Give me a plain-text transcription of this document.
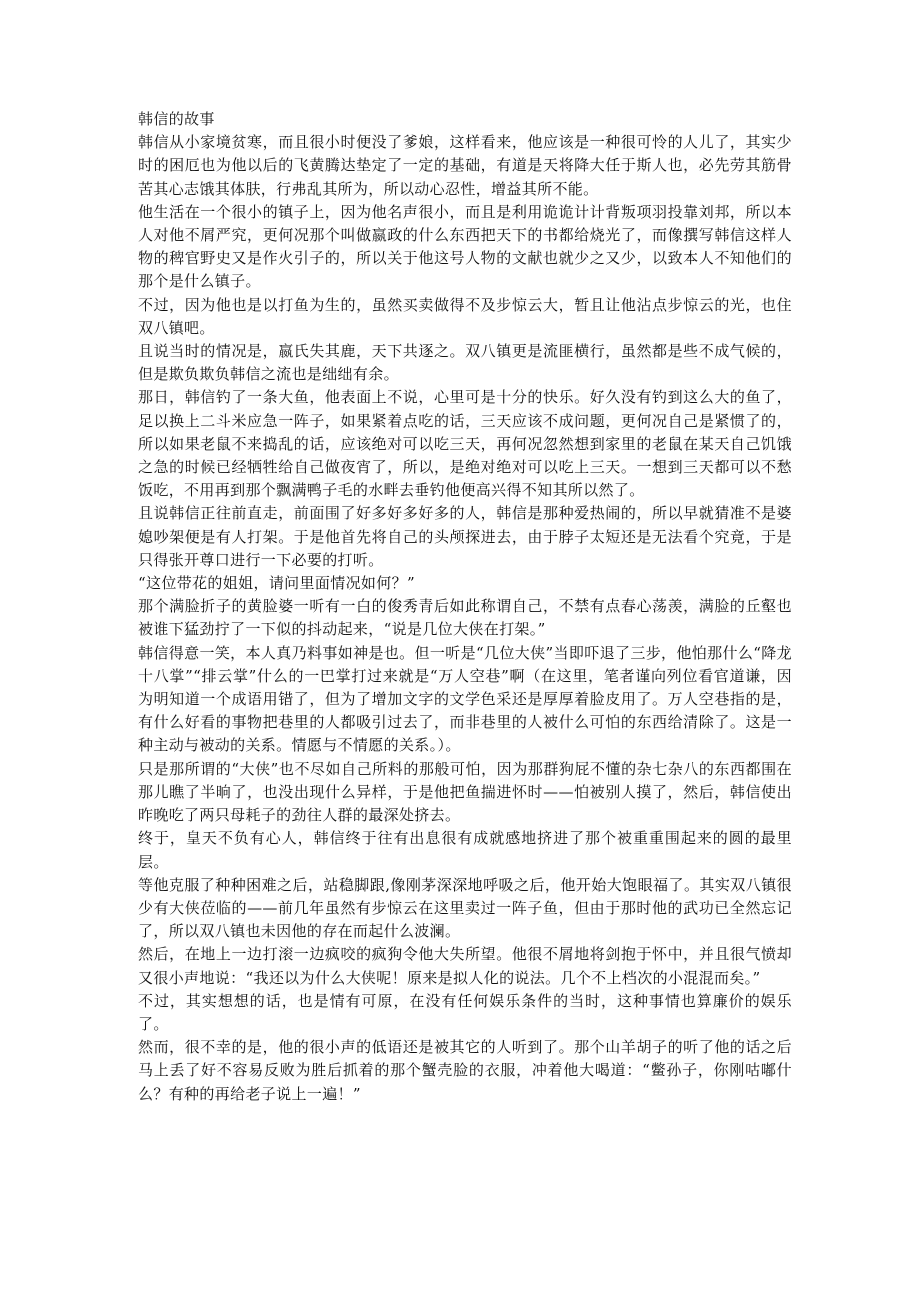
韩信的故事

韩信从小家境贫寒，而且很小时便没了爹娘，这样看来，他应该是一种很可怜的人儿了，其实少时的困厄也为他以后的飞黄腾达垫定了一定的基础，有道是天将降大任于斯人也，必先劳其筋骨苦其心志饿其体肤，行弗乱其所为，所以动心忍性，增益其所不能。

他生活在一个很小的镇子上，因为他名声很小，而且是利用诡诡计计背叛项羽投靠刘邦，所以本人对他不屑严究，更何况那个叫做嬴政的什么东西把天下的书都给烧光了，而像撰写韩信这样人物的稗官野史又是作火引子的，所以关于他这号人物的文献也就少之又少，以致本人不知他们的那个是什么镇子。

不过，因为他也是以打鱼为生的，虽然买卖做得不及步惊云大，暂且让他沾点步惊云的光，也住双八镇吧。

且说当时的情况是，嬴氏失其鹿，天下共逐之。双八镇更是流匪横行，虽然都是些不成气候的，但是欺负欺负韩信之流也是绌绌有余。

那日，韩信钓了一条大鱼，他表面上不说，心里可是十分的快乐。好久没有钓到这么大的鱼了，足以换上二斗米应急一阵子，如果紧着点吃的话，三天应该不成问题，更何况自己是紧惯了的，所以如果老鼠不来捣乱的话，应该绝对可以吃三天，再何况忽然想到家里的老鼠在某天自己饥饿之急的时候已经牺牲给自己做夜宵了，所以，是绝对绝对可以吃上三天。一想到三天都可以不愁饭吃，不用再到那个飘满鸭子毛的水畔去垂钓他便高兴得不知其所以然了。

且说韩信正往前直走，前面围了好多好多好多的人，韩信是那种爱热闹的，所以早就猜准不是婆媳吵架便是有人打架。于是他首先将自己的头颅探进去，由于脖子太短还是无法看个究竟，于是只得张开尊口进行一下必要的打听。

“这位带花的姐姐，请问里面情况如何？”

那个满脸折子的黄脸婆一听有一白的俊秀青后如此称谓自己，不禁有点春心荡羡，满脸的丘壑也被谁下猛劲拧了一下似的抖动起来，“说是几位大侠在打架。”

韩信得意一笑，本人真乃料事如神是也。但一听是“几位大侠”当即吓退了三步，他怕那什么“降龙十八掌”“排云掌”什么的一巴掌打过来就是“万人空巷”啊（在这里，笔者谨向列位看官道谦，因为明知道一个成语用错了，但为了增加文字的文学色采还是厚厚着脸皮用了。万人空巷指的是，有什么好看的事物把巷里的人都吸引过去了，而非巷里的人被什么可怕的东西给清除了。这是一种主动与被动的关系。情愿与不情愿的关系。）。

只是那所谓的“大侠”也不尽如自己所料的那般可怕，因为那群狗屁不懂的杂七杂八的东西都围在那儿瞧了半晌了，也没出现什么异样，于是他把鱼揣进怀时——怕被别人摸了，然后，韩信使出昨晚吃了两只母耗子的劲往人群的最深处挤去。

终于，皇天不负有心人，韩信终于往有出息很有成就感地挤进了那个被重重围起来的圆的最里层。

等他克服了种种困难之后，站稳脚跟,像刚茅深深地呼吸之后，他开始大饱眼福了。其实双八镇很少有大侠莅临的——前几年虽然有步惊云在这里卖过一阵子鱼，但由于那时他的武功已全然忘记了，所以双八镇也未因他的存在而起什么波澜。

然后，在地上一边打滚一边疯咬的疯狗令他大失所望。他很不屑地将剑抱于怀中，并且很气愤却又很小声地说：“我还以为什么大侠呢！原来是拟人化的说法。几个不上档次的小混混而矣。”

不过，其实想想的话，也是情有可原，在没有任何娱乐条件的当时，这种事情也算廉价的娱乐了。

然而，很不幸的是，他的很小声的低语还是被其它的人听到了。那个山羊胡子的听了他的话之后马上丢了好不容易反败为胜后抓着的那个蟹壳脸的衣服，冲着他大喝道：“鳖孙子，你刚咕嘟什么？有种的再给老子说上一遍！”
